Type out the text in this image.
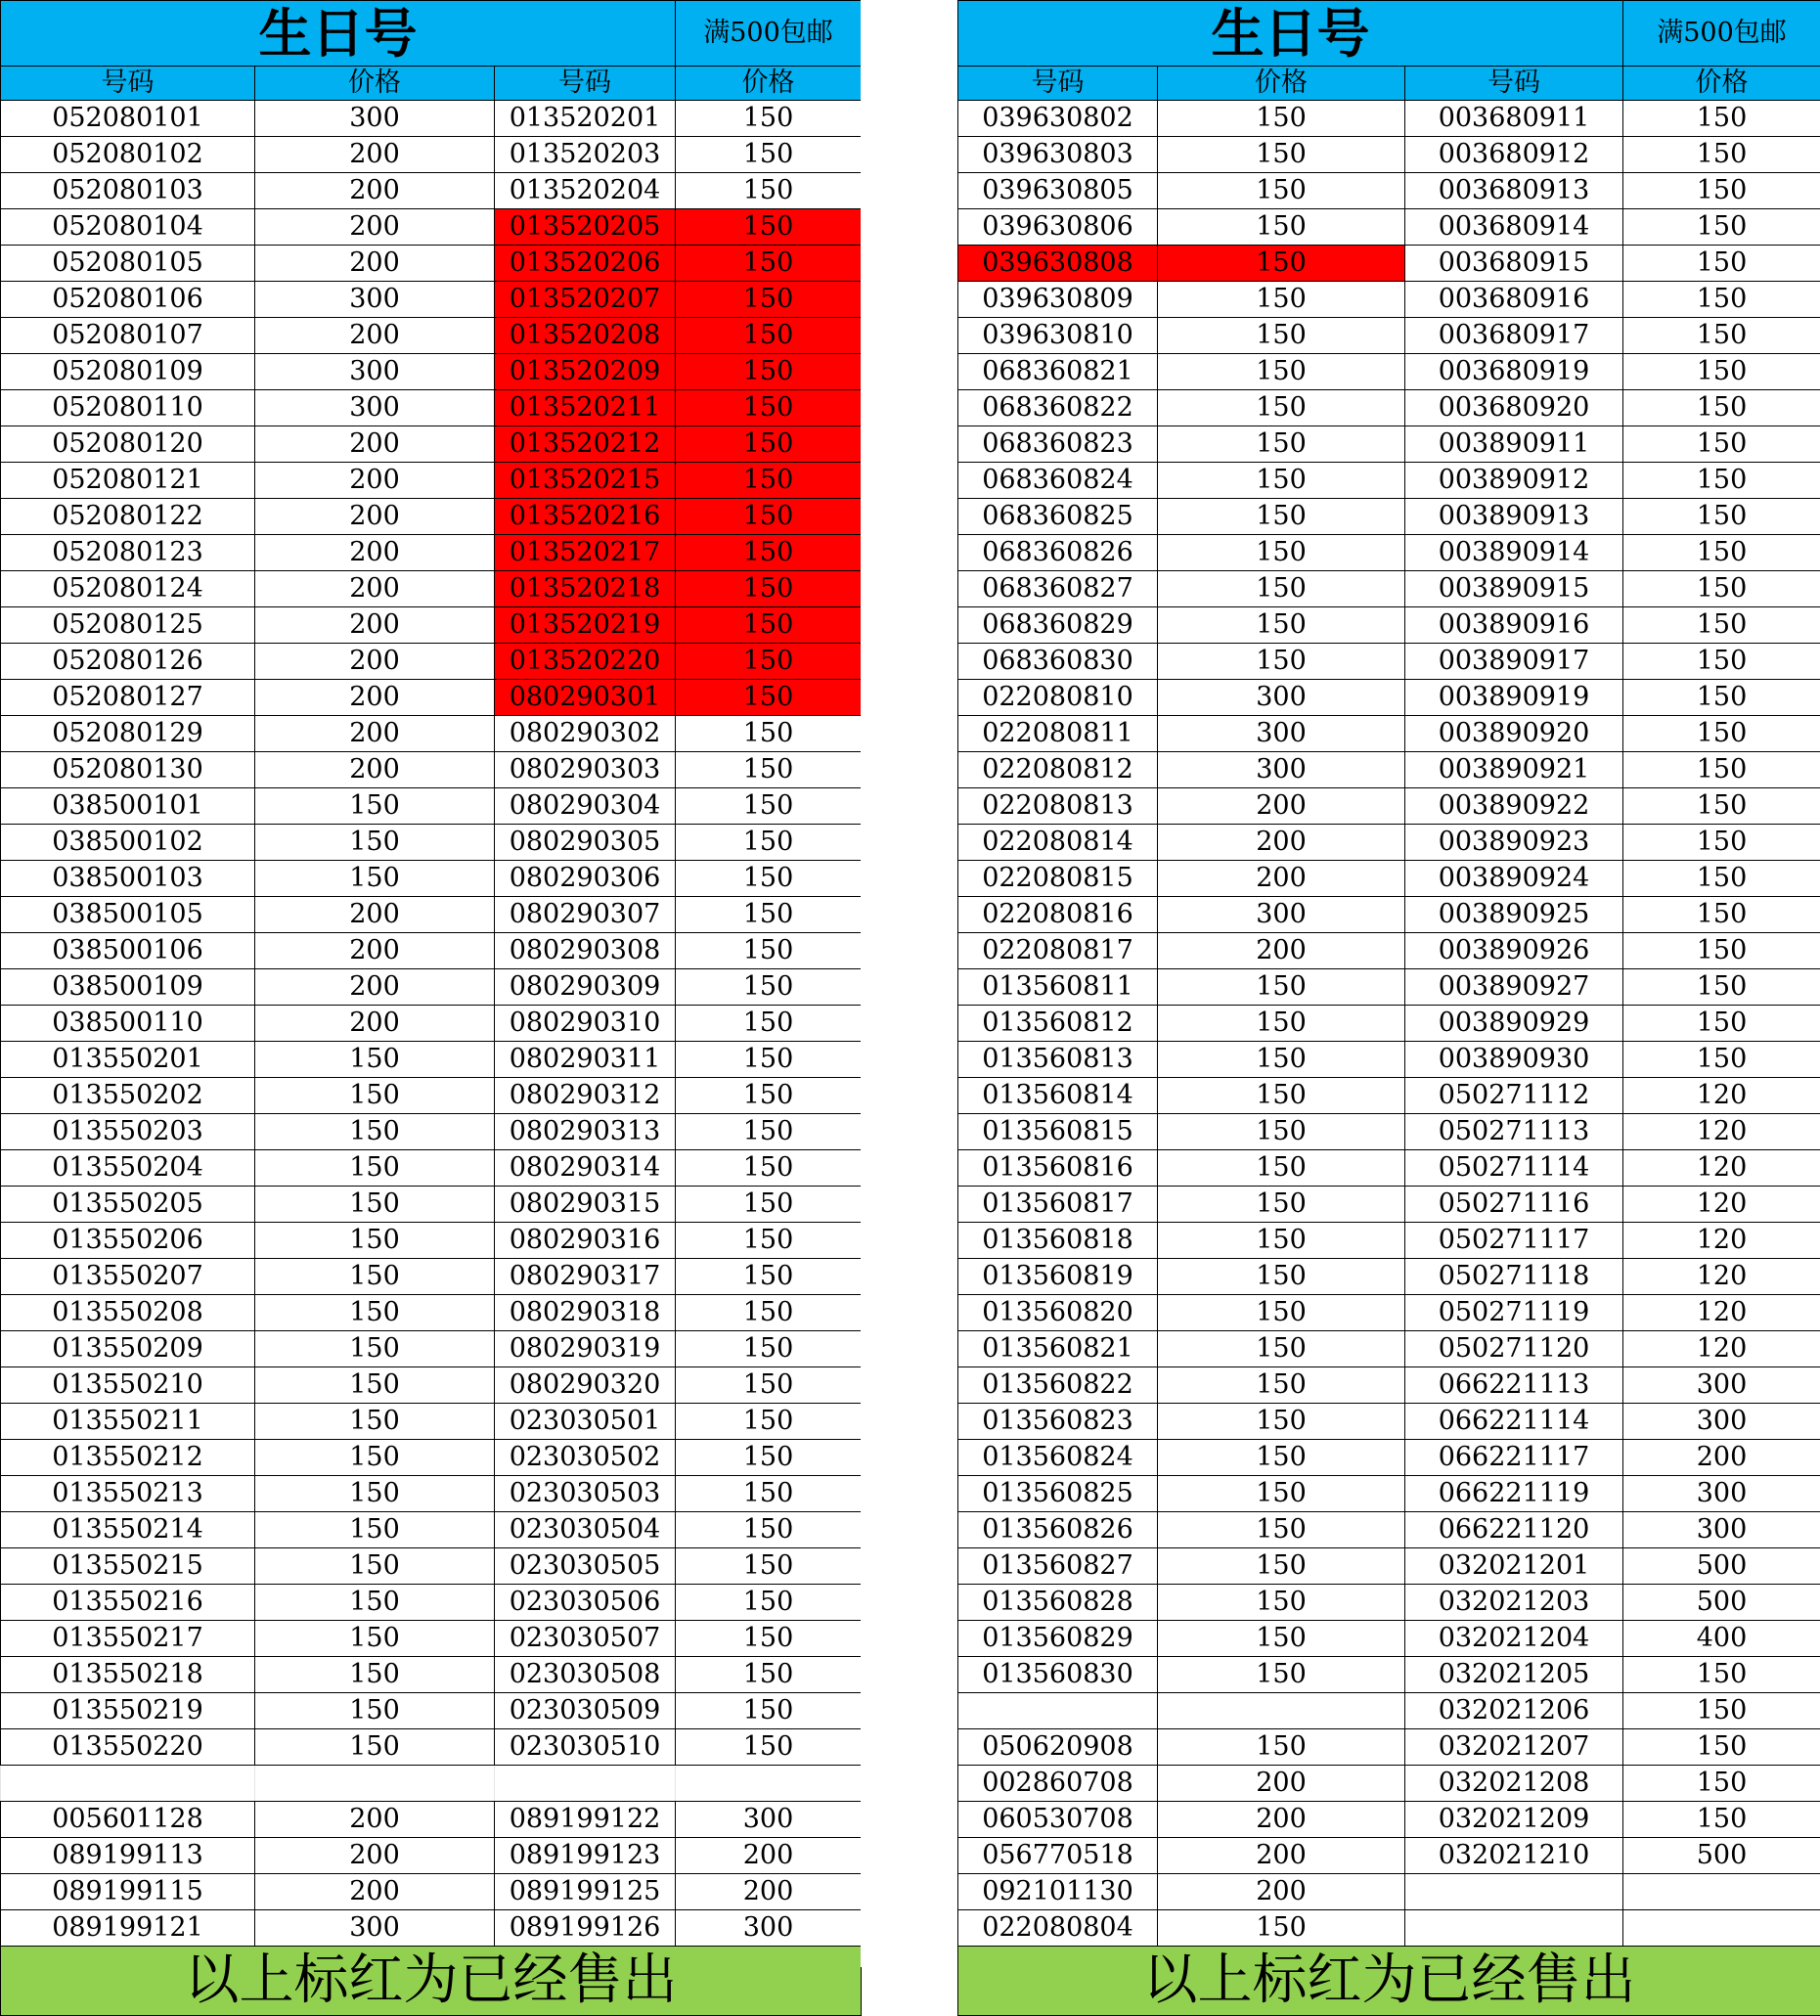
生日号			满500包邮
号码	价格	号码	价格
052080101	300	013520201	150
052080102	200	013520203	150
052080103	200	013520204	150
052080104	200	013520205	150
052080105	200	013520206	150
052080106	300	013520207	150
052080107	200	013520208	150
052080109	300	013520209	150
052080110	300	013520211	150
052080120	200	013520212	150
052080121	200	013520215	150
052080122	200	013520216	150
052080123	200	013520217	150
052080124	200	013520218	150
052080125	200	013520219	150
052080126	200	013520220	150
052080127	200	080290301	150
052080129	200	080290302	150
052080130	200	080290303	150
038500101	150	080290304	150
038500102	150	080290305	150
038500103	150	080290306	150
038500105	200	080290307	150
038500106	200	080290308	150
038500109	200	080290309	150
038500110	200	080290310	150
013550201	150	080290311	150
013550202	150	080290312	150
013550203	150	080290313	150
013550204	150	080290314	150
013550205	150	080290315	150
013550206	150	080290316	150
013550207	150	080290317	150
013550208	150	080290318	150
013550209	150	080290319	150
013550210	150	080290320	150
013550211	150	023030501	150
013550212	150	023030502	150
013550213	150	023030503	150
013550214	150	023030504	150
013550215	150	023030505	150
013550216	150	023030506	150
013550217	150	023030507	150
013550218	150	023030508	150
013550219	150	023030509	150
013550220	150	023030510	150

005601128	200	089199122	300
089199113	200	089199123	200
089199115	200	089199125	200
089199121	300	089199126	300
以上标红为已经售出			
生日号			满500包邮
号码	价格	号码	价格
039630802	150	003680911	150
039630803	150	003680912	150
039630805	150	003680913	150
039630806	150	003680914	150
039630808	150	003680915	150
039630809	150	003680916	150
039630810	150	003680917	150
068360821	150	003680919	150
068360822	150	003680920	150
068360823	150	003890911	150
068360824	150	003890912	150
068360825	150	003890913	150
068360826	150	003890914	150
068360827	150	003890915	150
068360829	150	003890916	150
068360830	150	003890917	150
022080810	300	003890919	150
022080811	300	003890920	150
022080812	300	003890921	150
022080813	200	003890922	150
022080814	200	003890923	150
022080815	200	003890924	150
022080816	300	003890925	150
022080817	200	003890926	150
013560811	150	003890927	150
013560812	150	003890929	150
013560813	150	003890930	150
013560814	150	050271112	120
013560815	150	050271113	120
013560816	150	050271114	120
013560817	150	050271116	120
013560818	150	050271117	120
013560819	150	050271118	120
013560820	150	050271119	120
013560821	150	050271120	120
013560822	150	066221113	300
013560823	150	066221114	300
013560824	150	066221117	200
013560825	150	066221119	300
013560826	150	066221120	300
013560827	150	032021201	500
013560828	150	032021203	500
013560829	150	032021204	400
013560830	150	032021205	150
		032021206	150
050620908	150	032021207	150
002860708	200	032021208	150
060530708	200	032021209	150
056770518	200	032021210	500
092101130	200		
022080804	150		
以上标红为已经售出			
